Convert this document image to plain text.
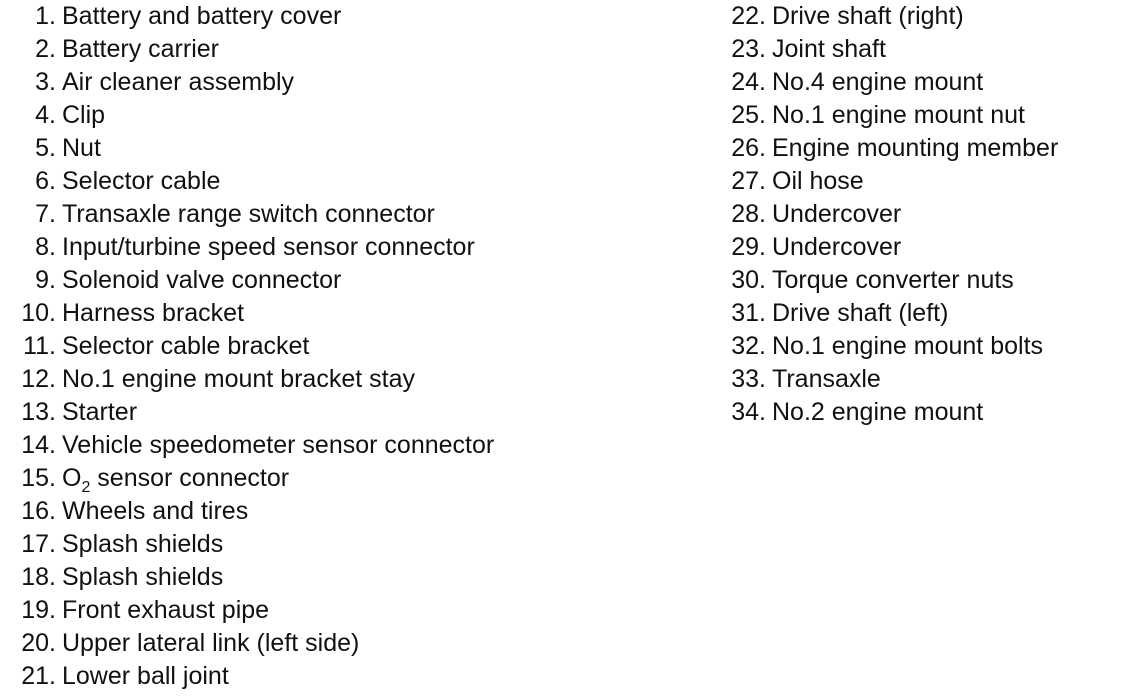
1. Battery and battery cover
2. Battery carrier
3. Air cleaner assembly
4. Clip
5. Nut
6. Selector cable
7. Transaxle range switch connector
8. Input/turbine speed sensor connector
9. Solenoid valve connector
10. Harness bracket
11. Selector cable bracket
12. No.1 engine mount bracket stay
13. Starter
14. Vehicle speedometer sensor connector
15. $O_2$ sensor connector
16. Wheels and tires
17. Splash shields
18. Splash shields
19. Front exhaust pipe
20. Upper lateral link (left side)
21. Lower ball joint
22. Drive shaft (right)
23. Joint shaft
24. No.4 engine mount
25. No.1 engine mount nut
26. Engine mounting member
27. Oil hose
28. Undercover
29. Undercover
30. Torque converter nuts
31. Drive shaft (left)
32. No.1 engine mount bolts
33. Transaxle
34. No.2 engine mount
